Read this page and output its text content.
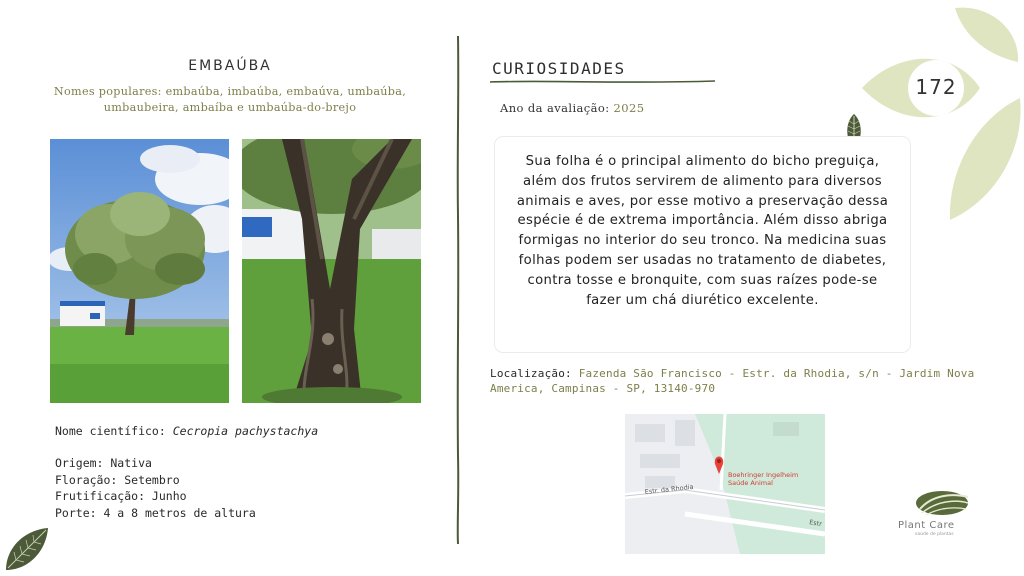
172
EMBAÚBA
Nomes populares: embaúba, imbaúba, embaúva, umbaúba, umbaubeira, ambaíba e umbaúba-do-brejo
Nome científico: Cecropia pachystachya
Origem: Nativa
Floração: Setembro
Frutificação: Junho
Porte: 4 a 8 metros de altura
CURIOSIDADES
Ano da avaliação: 2025

Sua folha é o principal alimento do bicho preguiça, além dos frutos servirem de alimento para diversos animais e aves, por esse motivo a preservação dessa espécie é de extrema importância. Além disso abriga formigas no interior do seu tronco. Na medicina suas folhas podem ser usadas no tratamento de diabetes, contra tosse e bronquite, com suas raízes pode-se fazer um chá diurético excelente.

Localização: Fazenda São Francisco - Estr. da Rhodia, s/n - Jardim Nova America, Campinas - SP, 13140-970
Boehringer Ingelheim
Saúde Animal
Estr. da Rhodia
Estr	Plant Care
saúde de plantas
